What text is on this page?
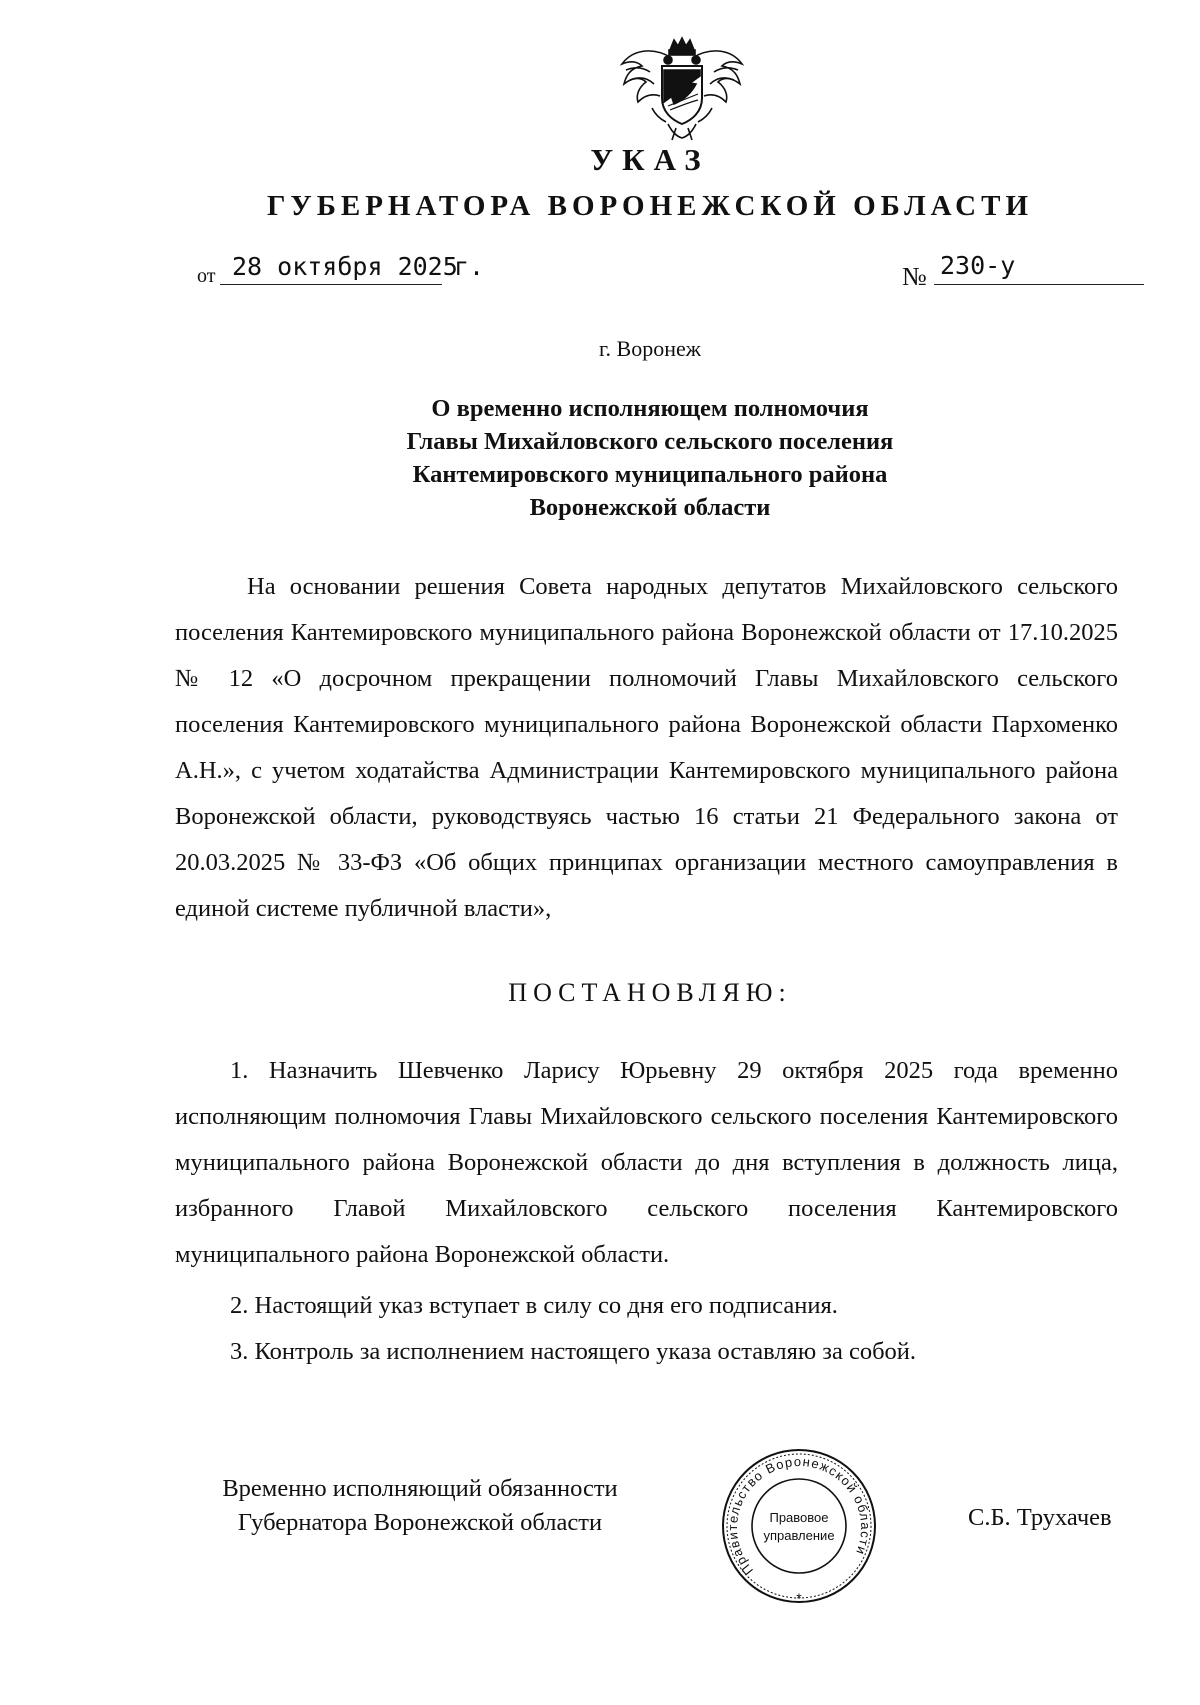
УКАЗ
ГУБЕРНАТОРА ВОРОНЕЖСКОЙ ОБЛАСТИ
от 28 октября 2025
г.	№ 230-у
г. Воронеж
О временно исполняющем полномочия
Главы Михайловского сельского поселения
Кантемировского муниципального района
Воронежской области
На основании решения Совета народных депутатов Михайловского сельского поселения Кантемировского муниципального района Воронежской области от 17.10.2025 № 12 «О досрочном прекращении полномочий Главы Михайловского сельского поселения Кантемировского муниципального района Воронежской области Пархоменко А.Н.», с учетом ходатайства Администрации Кантемировского муниципального района Воронежской области, руководствуясь частью 16 статьи 21 Федерального закона от 20.03.2025 № 33-ФЗ «Об общих принципах организации местного самоуправления в единой системе публичной власти»,
ПОСТАНОВЛЯЮ:
1. Назначить Шевченко Ларису Юрьевну 29 октября 2025 года временно исполняющим полномочия Главы Михайловского сельского поселения Кантемировского муниципального района Воронежской области до дня вступления в должность лица, избранного Главой Михайловского сельского поселения Кантемировского муниципального района Воронежской области.
2. Настоящий указ вступает в силу со дня его подписания.
3. Контроль за исполнением настоящего указа оставляю за собой.
Временно исполняющий обязанности
Губернатора Воронежской области
Правительство Воронежской области
Правовое
управление
*
С.Б. Трухачев
